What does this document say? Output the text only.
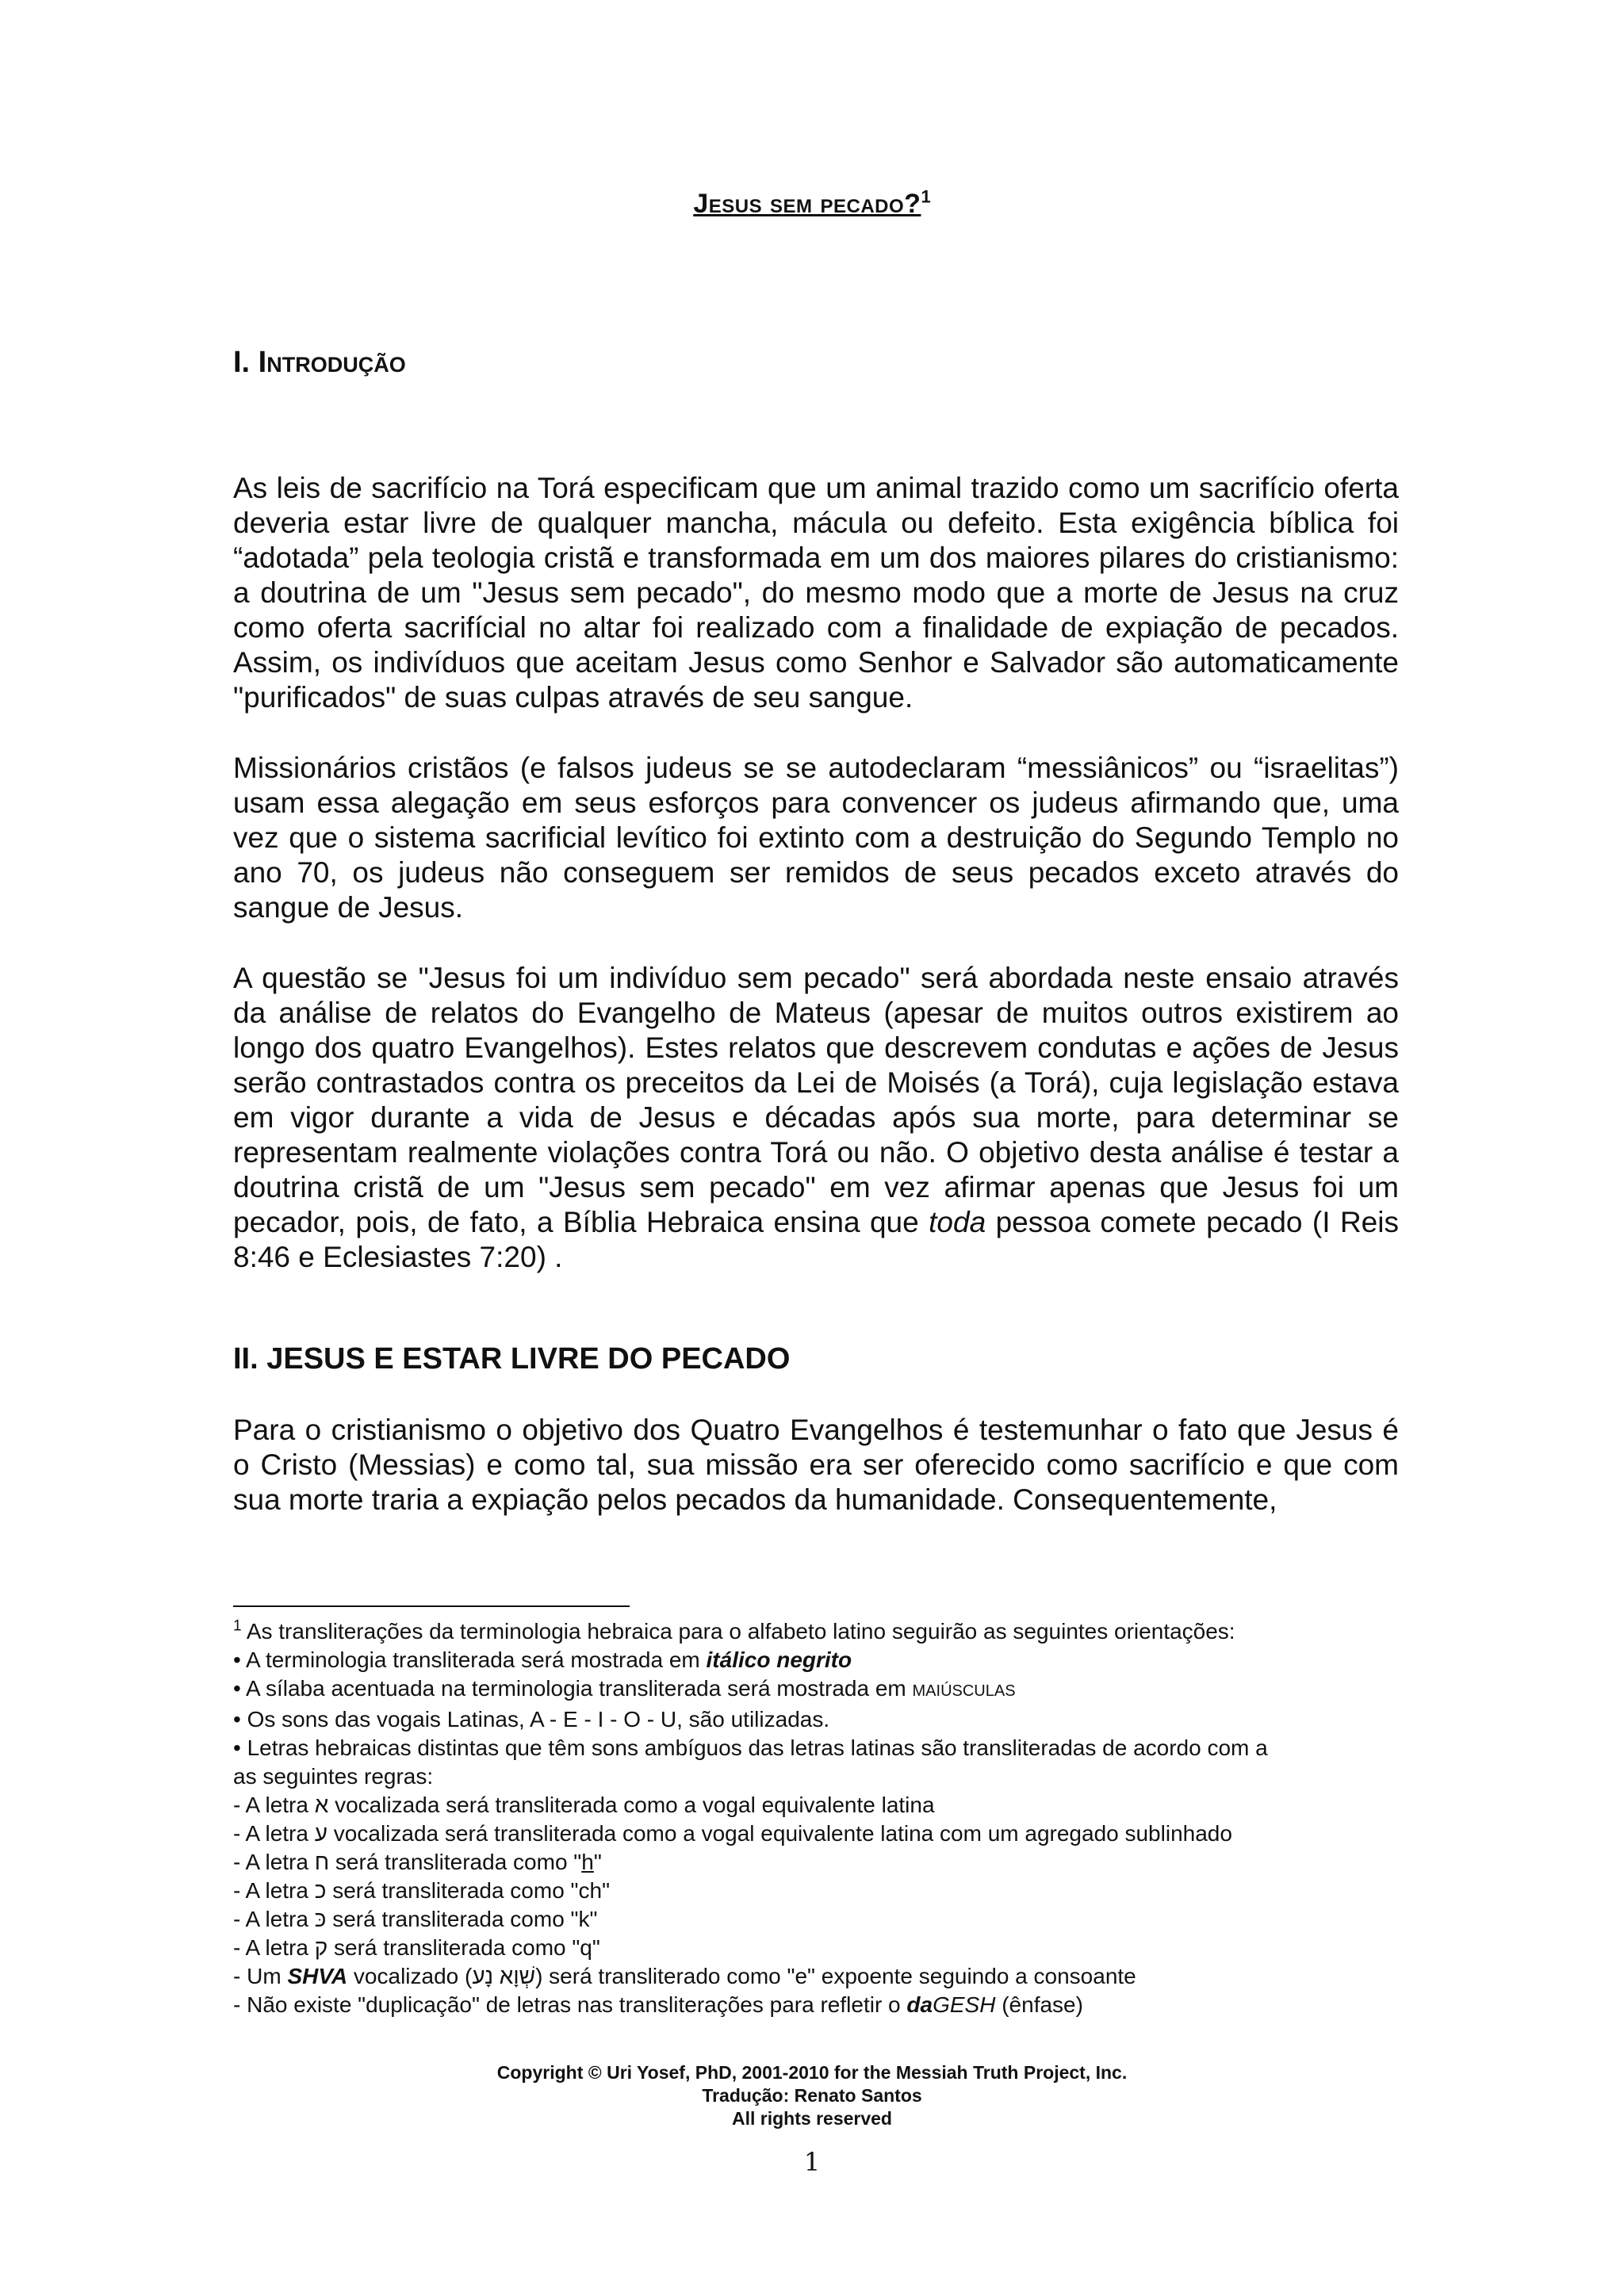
Jesus sem pecado?$^1$
I. Introdução

As leis de sacrifício na Torá especificam que um animal trazido como um sacrifício oferta deveria estar livre de qualquer mancha, mácula ou defeito. Esta exigência bíblica foi “adotada” pela teologia cristã e transformada em um dos maiores pilares do cristianismo: a doutrina de um "Jesus sem pecado", do mesmo modo que a morte de Jesus na cruz como oferta sacrifícial no altar foi realizado com a finalidade de expiação de pecados. Assim, os indivíduos que aceitam Jesus como Senhor e Salvador são automaticamente "purificados" de suas culpas através de seu sangue.

Missionários cristãos (e falsos judeus se se autodeclaram “messiânicos” ou “israelitas”) usam essa alegação em seus esforços para convencer os judeus afirmando que, uma vez que o sistema sacrificial levítico foi extinto com a destruição do Segundo Templo no ano 70, os judeus não conseguem ser remidos de seus pecados exceto através do sangue de Jesus.

A questão se "Jesus foi um indivíduo sem pecado" será abordada neste ensaio através da análise de relatos do Evangelho de Mateus (apesar de muitos outros existirem ao longo dos quatro Evangelhos). Estes relatos que descrevem condutas e ações de Jesus serão contrastados contra os preceitos da Lei de Moisés (a Torá), cuja legislação estava em vigor durante a vida de Jesus e décadas após sua morte, para determinar se representam realmente violações contra Torá ou não. O objetivo desta análise é testar a doutrina cristã de um "Jesus sem pecado" em vez afirmar apenas que Jesus foi um pecador, pois, de fato, a Bíblia Hebraica ensina que toda pessoa comete pecado (I Reis 8:46 e Eclesiastes 7:20) .

II. JESUS E ESTAR LIVRE DO PECADO

Para o cristianismo o objetivo dos Quatro Evangelhos é testemunhar o fato que Jesus é o Cristo (Messias) e como tal, sua missão era ser oferecido como sacrifício e que com sua morte traria a expiação pelos pecados da humanidade. Consequentemente,

$^1$ As transliterações da terminologia hebraica para o alfabeto latino seguirão as seguintes orientações:
• A terminologia transliterada será mostrada em itálico negrito
• A sílaba acentuada na terminologia transliterada será mostrada em MAIÚSCULAS
• Os sons das vogais Latinas, A - E - I - O - U, são utilizadas.
• Letras hebraicas distintas que têm sons ambíguos das letras latinas são transliteradas de acordo com a
as seguintes regras:
- A letra א vocalizada será transliterada como a vogal equivalente latina
- A letra ע vocalizada será transliterada como a vogal equivalente latina com um agregado sublinhado
- A letra ח será transliterada como "h"
- A letra כ será transliterada como "ch"
- A letra כּ será transliterada como "k"
- A letra ק será transliterada como "q"
- Um SHVA vocalizado (שְׁוָא נָע) será transliterado como "e" expoente seguindo a consoante
- Não existe "duplicação" de letras nas transliterações para refletir o daGESH (ênfase)
Copyright © Uri Yosef, PhD, 2001-2010 for the Messiah Truth Project, Inc.
Tradução: Renato Santos
All rights reserved
1
